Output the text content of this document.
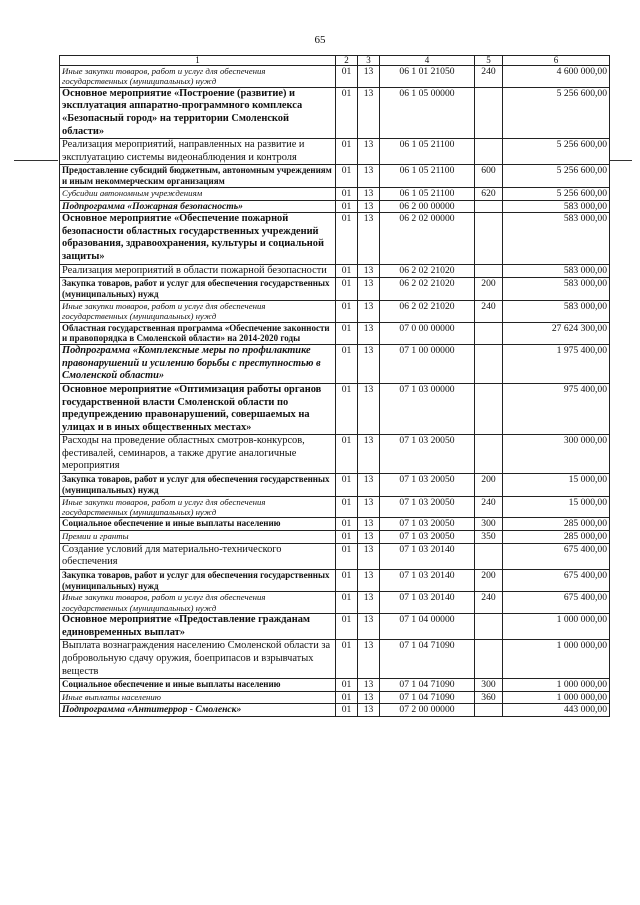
65
1	2	3	4	5	6
Иные закупки товаров, работ и услуг для обеспечения государственных (муниципальных) нужд	01	13	06 1 01 21050	240	4 600 000,00
Основное мероприятие «Построение (развитие) и эксплуатация аппаратно-программного комплекса «Безопасный город» на территории Смоленской области»	01	13	06 1 05 00000		5 256 600,00
Реализация мероприятий, направленных на развитие и эксплуатацию системы видеонаблюдения и контроля	01	13	06 1 05 21100		5 256 600,00
Предоставление субсидий бюджетным, автономным учреждениям и иным некоммерческим организациям	01	13	06 1 05 21100	600	5 256 600,00
Субсидии автономным учреждениям	01	13	06 1 05 21100	620	5 256 600,00
Подпрограмма «Пожарная безопасность»	01	13	06 2 00 00000		583 000,00
Основное мероприятие «Обеспечение пожарной безопасности областных государственных учреждений образования, здравоохранения, культуры и социальной защиты»	01	13	06 2 02 00000		583 000,00
Реализация мероприятий в области пожарной безопасности	01	13	06 2 02 21020		583 000,00
Закупка товаров, работ и услуг для обеспечения государственных (муниципальных) нужд	01	13	06 2 02 21020	200	583 000,00
Иные закупки товаров, работ и услуг для обеспечения государственных (муниципальных) нужд	01	13	06 2 02 21020	240	583 000,00
Областная государственная программа «Обеспечение законности и правопорядка в Смоленской области» на 2014-2020 годы	01	13	07 0 00 00000		27 624 300,00
Подпрограмма «Комплексные меры по профилактике правонарушений и усилению борьбы с преступностью в Смоленской области»	01	13	07 1 00 00000		1 975 400,00
Основное мероприятие «Оптимизация работы органов государственной власти Смоленской области по предупреждению правонарушений, совершаемых на улицах и в иных общественных местах»	01	13	07 1 03 00000		975 400,00
Расходы на проведение областных смотров-конкурсов, фестивалей, семинаров, а также другие аналогичные мероприятия	01	13	07 1 03 20050		300 000,00
Закупка товаров, работ и услуг для обеспечения государственных (муниципальных) нужд	01	13	07 1 03 20050	200	15 000,00
Иные закупки товаров, работ и услуг для обеспечения государственных (муниципальных) нужд	01	13	07 1 03 20050	240	15 000,00
Социальное обеспечение и иные выплаты населению	01	13	07 1 03 20050	300	285 000,00
Премии и гранты	01	13	07 1 03 20050	350	285 000,00
Создание условий для материально-технического обеспечения	01	13	07 1 03 20140		675 400,00
Закупка товаров, работ и услуг для обеспечения государственных (муниципальных) нужд	01	13	07 1 03 20140	200	675 400,00
Иные закупки товаров, работ и услуг для обеспечения государственных (муниципальных) нужд	01	13	07 1 03 20140	240	675 400,00
Основное мероприятие «Предоставление гражданам единовременных выплат»	01	13	07 1 04 00000		1 000 000,00
Выплата вознаграждения населению Смоленской области за добровольную сдачу оружия, боеприпасов и взрывчатых веществ	01	13	07 1 04 71090		1 000 000,00
Социальное обеспечение и иные выплаты населению	01	13	07 1 04 71090	300	1 000 000,00
Иные выплаты населению	01	13	07 1 04 71090	360	1 000 000,00
Подпрограмма «Антитеррор - Смоленск»	01	13	07 2 00 00000		443 000,00
